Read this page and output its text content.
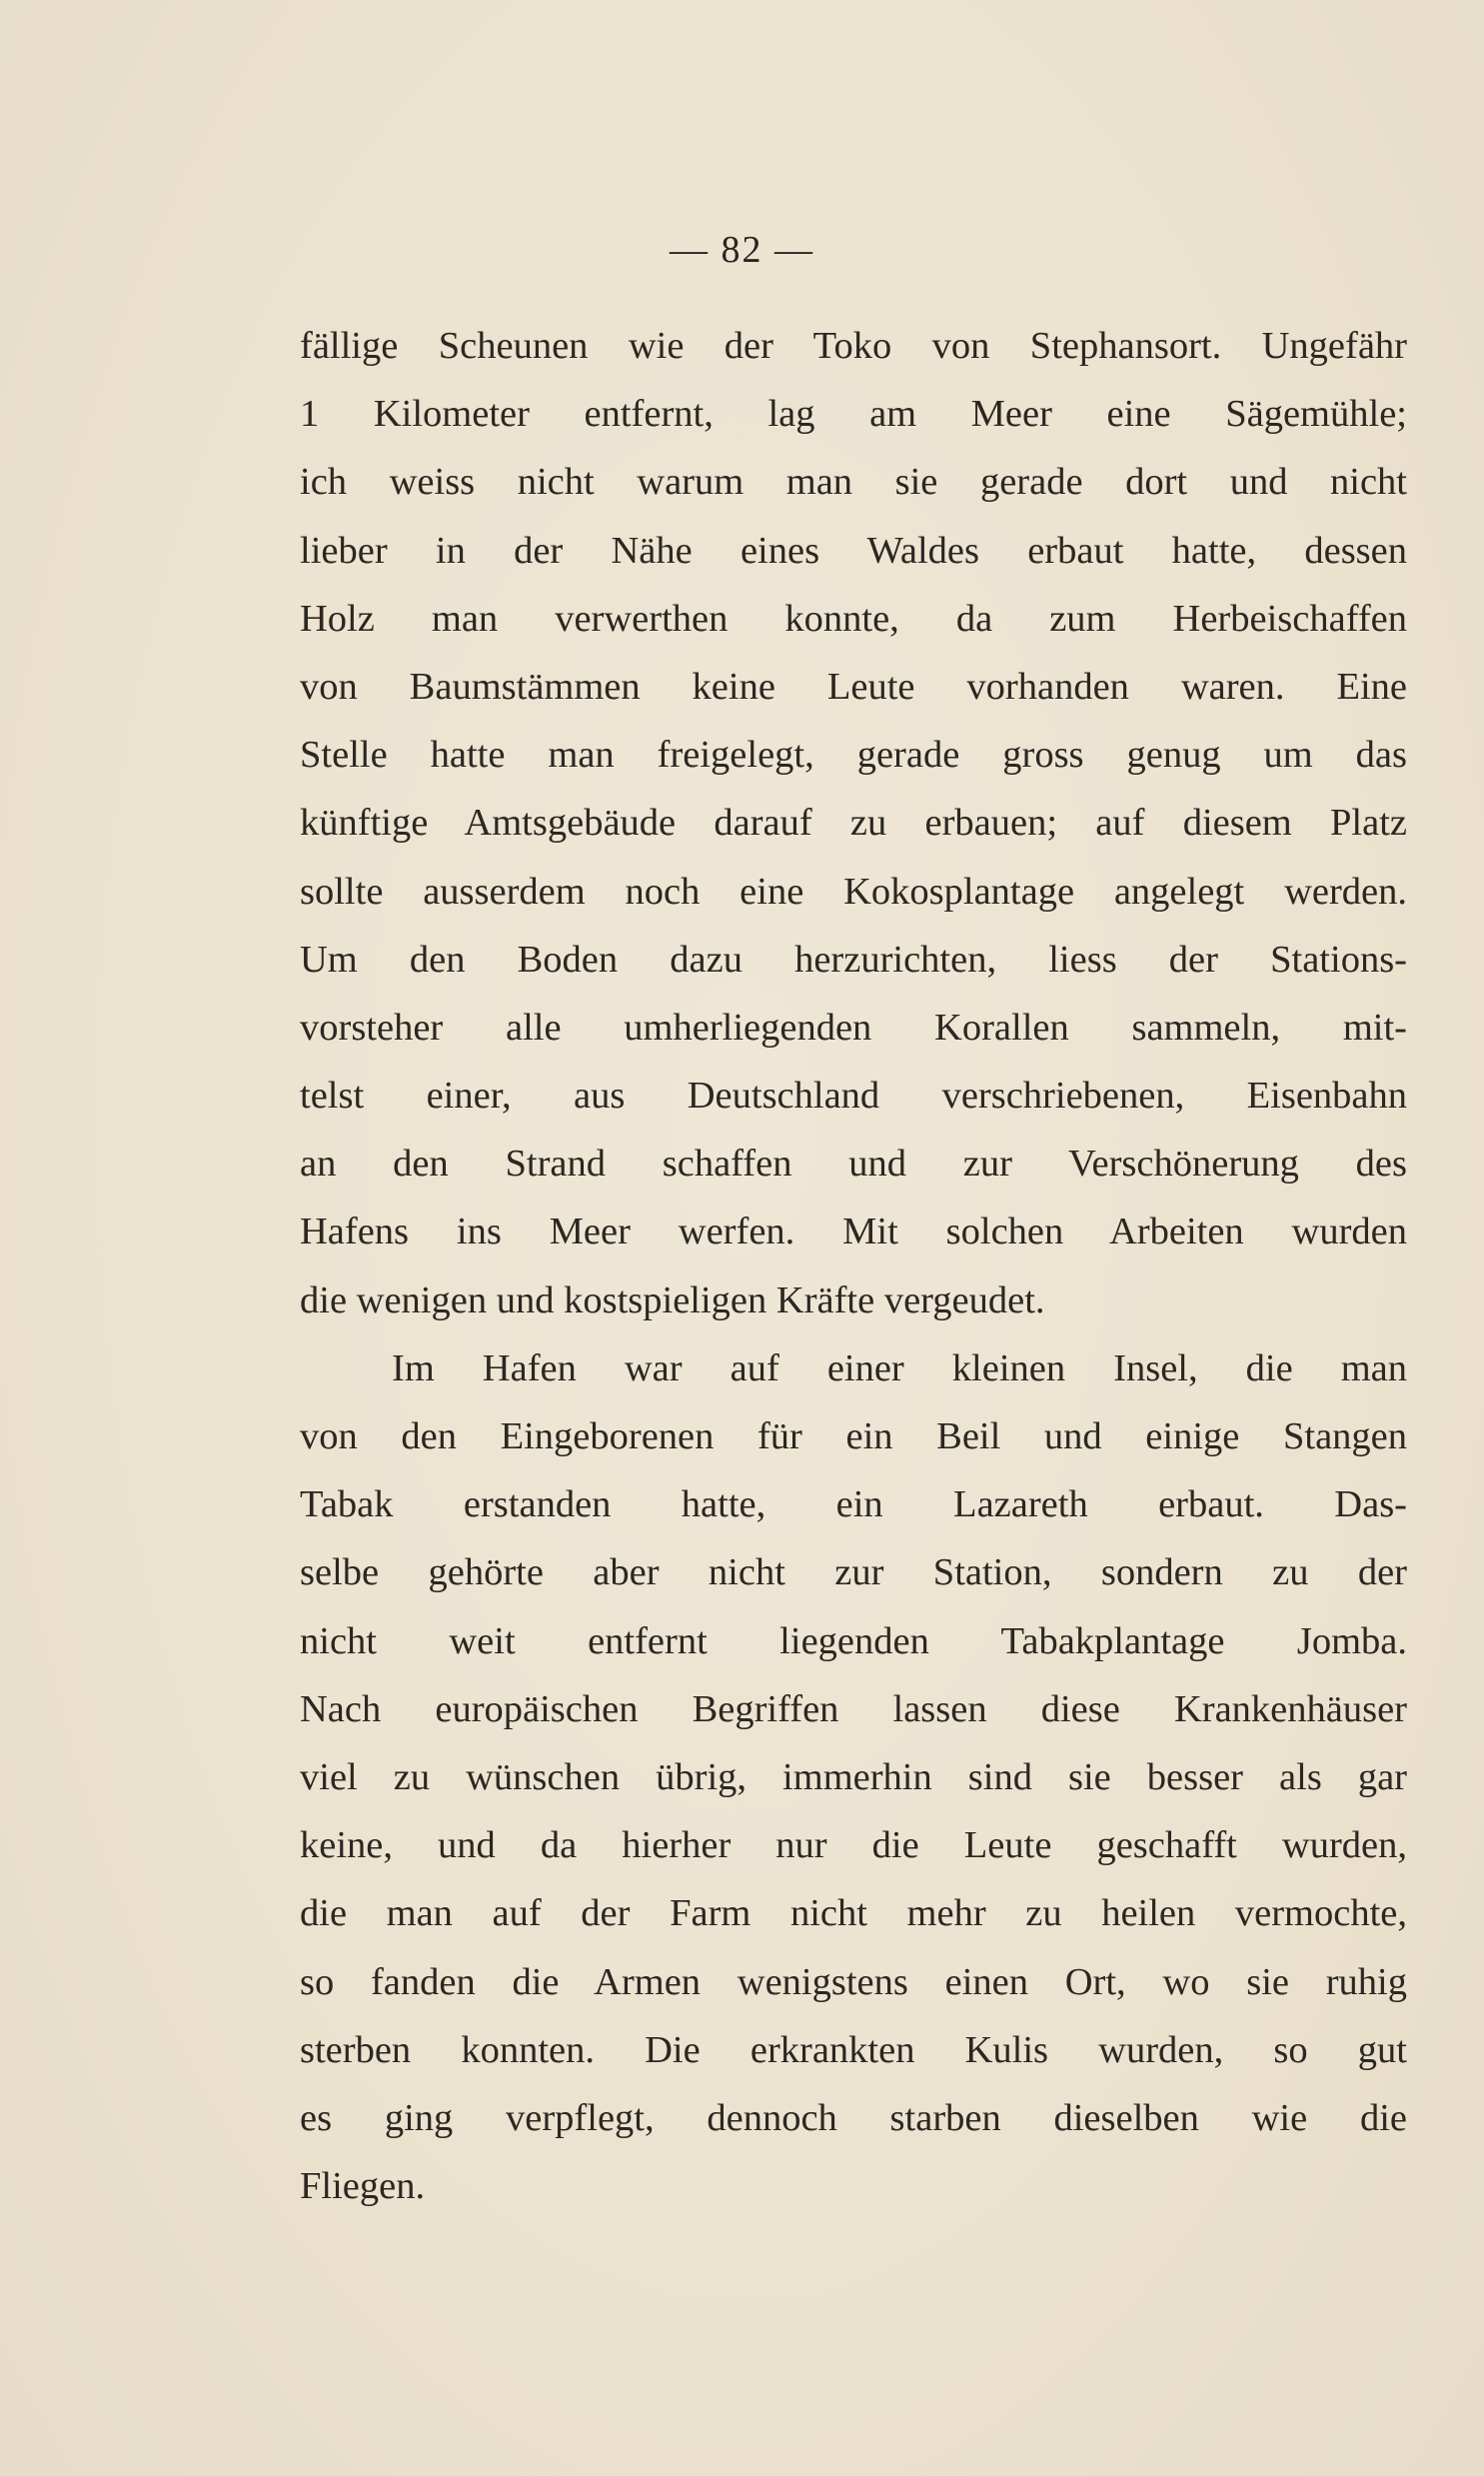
— 82 —
fällige Scheunen wie der Toko von Stephansort. Ungefähr
1 Kilometer entfernt, lag am Meer eine Sägemühle;
ich weiss nicht warum man sie gerade dort und nicht
lieber in der Nähe eines Waldes erbaut hatte, dessen
Holz man verwerthen konnte, da zum Herbeischaffen
von Baumstämmen keine Leute vorhanden waren. Eine
Stelle hatte man freigelegt, gerade gross genug um das
künftige Amtsgebäude darauf zu erbauen; auf diesem Platz
sollte ausserdem noch eine Kokosplantage angelegt werden.
Um den Boden dazu herzurichten, liess der Stations-
vorsteher alle umherliegenden Korallen sammeln, mit-
telst einer, aus Deutschland verschriebenen, Eisenbahn
an den Strand schaffen und zur Verschönerung des
Hafens ins Meer werfen. Mit solchen Arbeiten wurden
die wenigen und kostspieligen Kräfte vergeudet.
Im Hafen war auf einer kleinen Insel, die man
von den Eingeborenen für ein Beil und einige Stangen
Tabak erstanden hatte, ein Lazareth erbaut. Das-
selbe gehörte aber nicht zur Station, sondern zu der
nicht weit entfernt liegenden Tabakplantage Jomba.
Nach europäischen Begriffen lassen diese Krankenhäuser
viel zu wünschen übrig, immerhin sind sie besser als gar
keine, und da hierher nur die Leute geschafft wurden,
die man auf der Farm nicht mehr zu heilen vermochte,
so fanden die Armen wenigstens einen Ort, wo sie ruhig
sterben konnten. Die erkrankten Kulis wurden, so gut
es ging verpflegt, dennoch starben dieselben wie die
Fliegen.
